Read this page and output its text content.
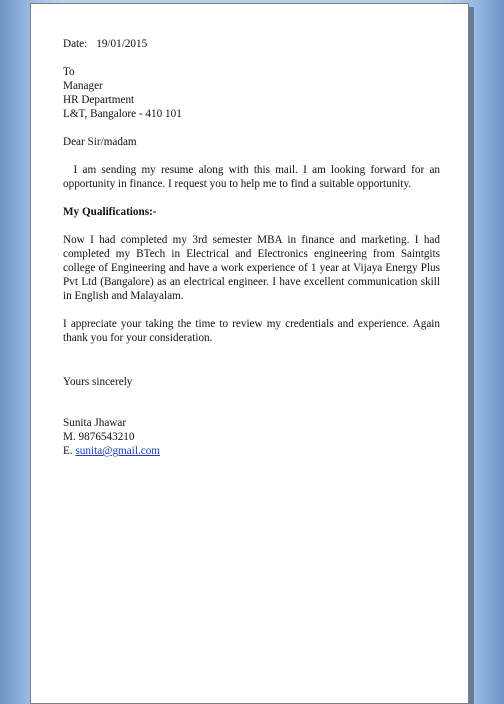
Date: 19/01/2015
To
Manager
HR Department
L&T, Bangalore - 410 101
Dear Sir/madam

I am sending my resume along with this mail. I am looking forward for an opportunity in finance. I request you to help me to find a suitable opportunity.

My Qualifications:-

Now I had completed my 3rd semester MBA in finance and marketing. I had completed my BTech in Electrical and Electronics engineering from Saintgits college of Engineering and have a work experience of 1 year at Vijaya Energy Plus Pvt Ltd (Bangalore) as an electrical engineer. I have excellent communication skill in English and Malayalam.

I appreciate your taking the time to review my credentials and experience. Again thank you for your consideration.

Yours sincerely
Sunita Jhawar
M. 9876543210
E. sunita@gmail.com
